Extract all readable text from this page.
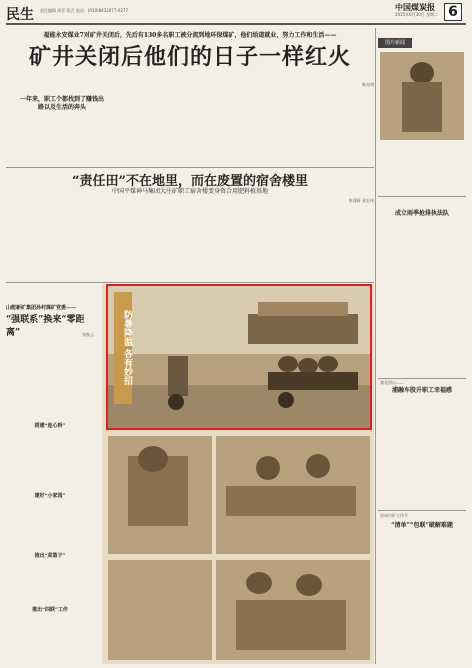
民生 责任编辑 周菲 版式 电话：(010)8432077-0277	中国煤炭报
2015年6月30日 星期二 6
福能永安煤业7对矿井关闭后，先后有130多名职工被分流到地环保煤矿，他们给道就业，努力工作和生活——
矿井关闭后他们的日子一样红火
陈光明
一年来，职工个都找到了赚钱出路以及生活的奔头

“责任田”不在地里，而在废置的宿舍楼里
中国平煤神马集团大庄矿职工宿舍楼变身资合用肥料植基地
陈建新 张宏伟

山能新矿集团孙村煤矿党委——
“强联系”换来“零距离”	张秋云

搭建“连心桥”

建好“小家园”

推出“菜篮子”

推出“四联”工作

防暑降温 各有妙招

图片新闻

成立雨季抢排执法队

湖北团山——
浦融车股升职工幸福感

黑州市矿工作平
“清单”“包联”破解难题
